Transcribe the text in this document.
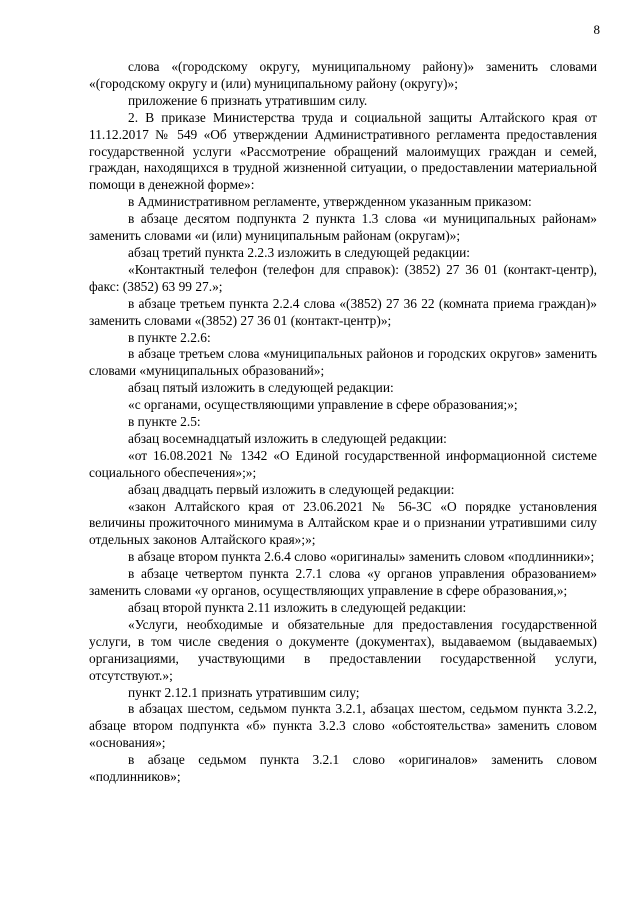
8

слова «(городскому округу, муниципальному району)» заменить словами «(городскому округу и (или) муниципальному району (округу)»;

приложение 6 признать утратившим силу.

2. В приказе Министерства труда и социальной защиты Алтайского края от 11.12.2017 № 549 «Об утверждении Административного регламента предоставления государственной услуги «Рассмотрение обращений малоимущих граждан и семей, граждан, находящихся в трудной жизненной ситуации, о предоставлении материальной помощи в денежной форме»:

в Административном регламенте, утвержденном указанным приказом:

в абзаце десятом подпункта 2 пункта 1.3 слова «и муниципальных районам» заменить словами «и (или) муниципальным районам (округам)»;

абзац третий пункта 2.2.3 изложить в следующей редакции:

«Контактный телефон (телефон для справок): (3852) 27 36 01 (контакт-центр), факс: (3852) 63 99 27.»;

в абзаце третьем пункта 2.2.4 слова «(3852) 27 36 22 (комната приема граждан)» заменить словами «(3852) 27 36 01 (контакт-центр)»;

в пункте 2.2.6:

в абзаце третьем слова «муниципальных районов и городских округов» заменить словами «муниципальных образований»;

абзац пятый изложить в следующей редакции:

«с органами, осуществляющими управление в сфере образования;»;

в пункте 2.5:

абзац восемнадцатый изложить в следующей редакции:

«от 16.08.2021 № 1342 «О Единой государственной информационной системе социального обеспечения»;»;

абзац двадцать первый изложить в следующей редакции:

«закон Алтайского края от 23.06.2021 № 56-ЗС «О порядке установления величины прожиточного минимума в Алтайском крае и о признании утратившими силу отдельных законов Алтайского края»;»;

в абзаце втором пункта 2.6.4 слово «оригиналы» заменить словом «подлинники»;

в абзаце четвертом пункта 2.7.1 слова «у органов управления образованием» заменить словами «у органов, осуществляющих управление в сфере образования,»;

абзац второй пункта 2.11 изложить в следующей редакции:

«Услуги, необходимые и обязательные для предоставления государственной услуги, в том числе сведения о документе (документах), выдаваемом (выдаваемых) организациями, участвующими в предоставлении государственной услуги, отсутствуют.»;

пункт 2.12.1 признать утратившим силу;

в абзацах шестом, седьмом пункта 3.2.1, абзацах шестом, седьмом пункта 3.2.2, абзаце втором подпункта «б» пункта 3.2.3 слово «обстоятельства» заменить словом «основания»;

в абзаце седьмом пункта 3.2.1 слово «оригиналов» заменить словом «подлинников»;
